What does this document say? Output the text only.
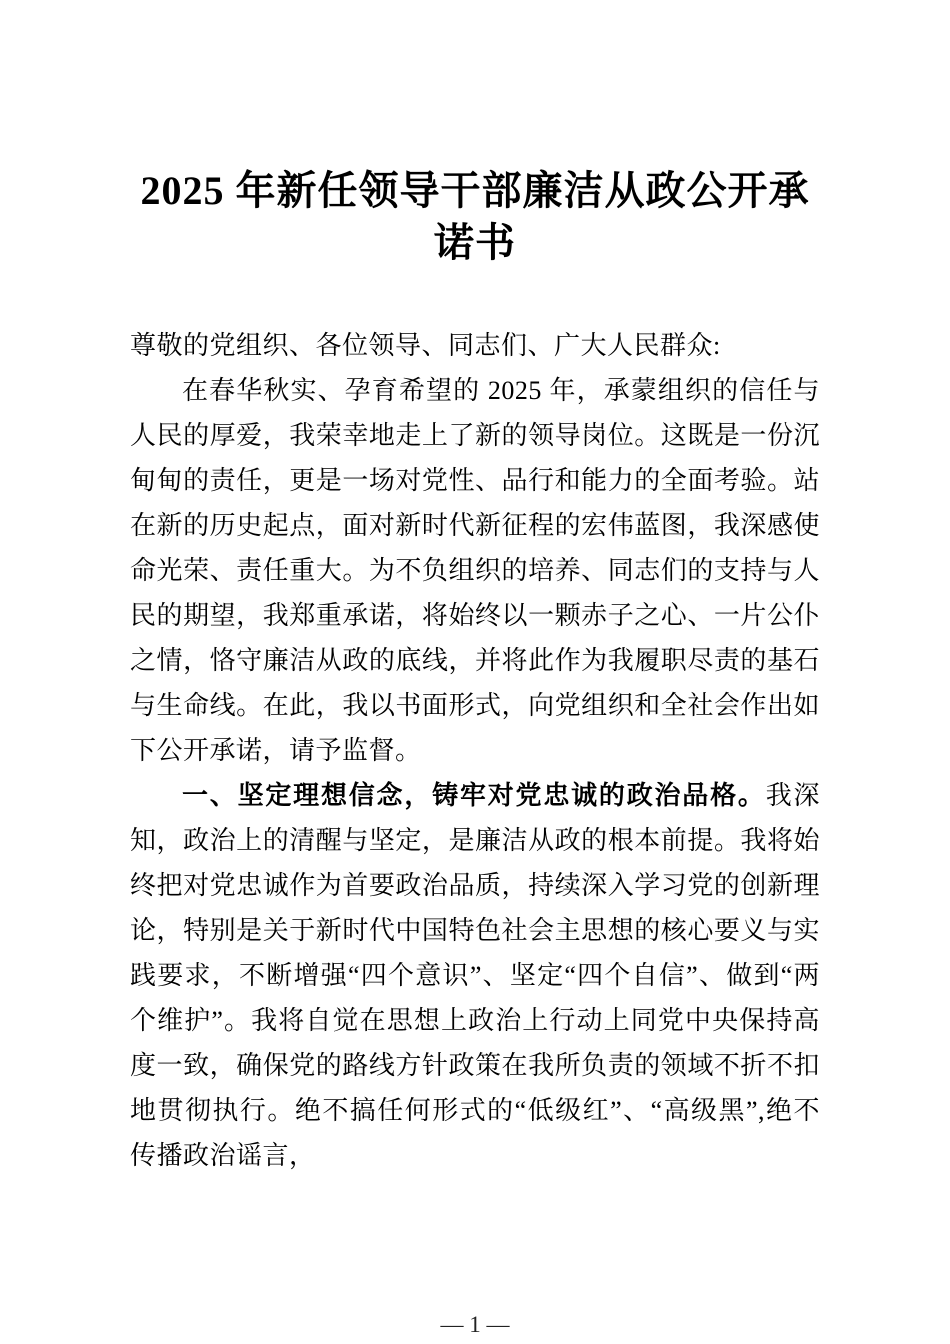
2025 年新任领导干部廉洁从政公开承
诺书

尊敬的党组织、各位领导、同志们、广大人民群众:

在春华秋实、孕育希望的 2025 年，承蒙组织的信任与人民的厚爱，我荣幸地走上了新的领导岗位。这既是一份沉甸甸的责任，更是一场对党性、品行和能力的全面考验。站在新的历史起点，面对新时代新征程的宏伟蓝图，我深感使命光荣、责任重大。为不负组织的培养、同志们的支持与人民的期望，我郑重承诺，将始终以一颗赤子之心、一片公仆之情，恪守廉洁从政的底线，并将此作为我履职尽责的基石与生命线。在此，我以书面形式，向党组织和全社会作出如下公开承诺，请予监督。

一、坚定理想信念，铸牢对党忠诚的政治品格。我深知，政治上的清醒与坚定，是廉洁从政的根本前提。我将始终把对党忠诚作为首要政治品质，持续深入学习党的创新理论，特别是关于新时代中国特色社会主思想的核心要义与实践要求，不断增强“四个意识”、坚定“四个自信”、做到“两个维护”。我将自觉在思想上政治上行动上同党中央保持高度一致，确保党的路线方针政策在我所负责的领域不折不扣地贯彻执行。绝不搞任何形式的“低级红”、“高级黑”,绝不传播政治谣言，

— 1 —
